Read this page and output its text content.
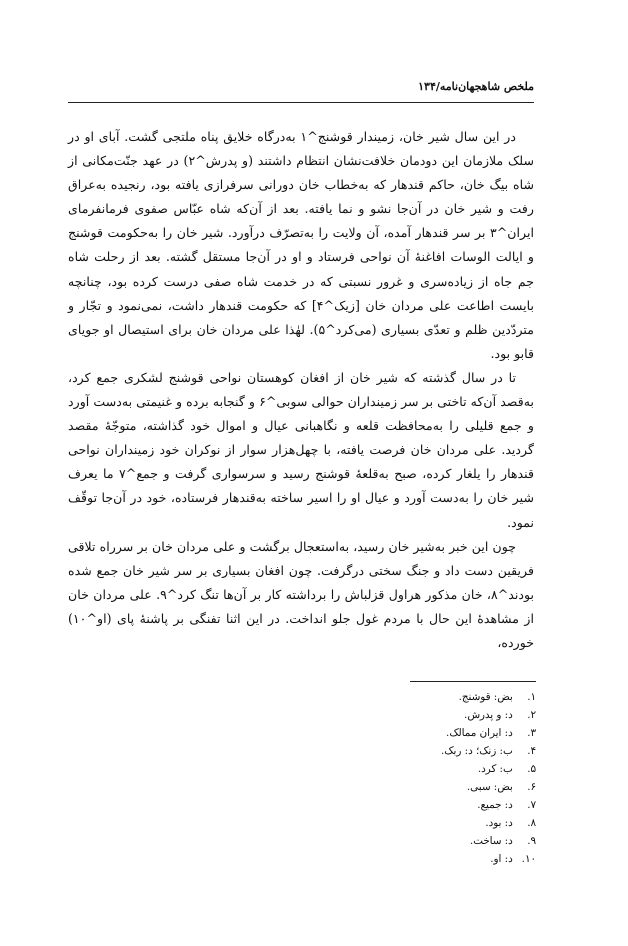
ملخص شاهجهان‌نامه/۱۳۴

در این سال شیر خان، زمیندار قوشنج^۱ به‌درگاه خلایق پناه ملتجی گشت. آبای او در سلک ملازمان این دودمان خلافت‌نشان انتظام داشتند (و پدرش^۲) در عهد جنّت‌مکانی از شاه بیگ خان، حاکم قندهار که به‌خطاب خان دورانی سرفرازی یافته بود، رنجیده به‌عراق رفت و شیر خان در آن‌جا نشو و نما یافته. بعد از آن‌که شاه عبّاس صفوی فرمانفرمای ایران^۳ بر سر قندهار آمده، آن ولایت را به‌تصرّف درآورد. شیر خان را به‌حکومت قوشنج و ایالت الوسات افاغنهٔ آن نواحی فرستاد و او در آن‌جا مستقل گشته. بعد از رحلت شاه جم جاه از زیاده‌سری و غرور نسبتی که در خدمت شاه صفی درست کرده بود، چنانچه بایست اطاعت علی مردان خان [زیک^۴] که حکومت قندهار داشت، نمی‌نمود و تجّار و متردّدین ظلم و تعدّی بسیاری (می‌کرد^۵). لهٰذا علی مردان خان برای استیصال او جویای قابو بود.

تا در سال گذشته که شیر خان از افغان کوهستان نواحی قوشنج لشکری جمع کرد، به‌قصد آن‌که تاختی بر سر زمینداران حوالی سوبی^۶ و گنجابه برده و غنیمتی به‌دست آورد و جمع قلیلی را به‌محافظت قلعه و نگاهبانی عیال و اموال خود گذاشته، متوجّهٔ مقصد گردید. علی مردان خان فرصت یافته، با چهل‌هزار سوار از نوکران خود زمینداران نواحی قندهار را یلغار کرده، صبح به‌قلعهٔ قوشنج رسید و سرسواری گرفت و جمع^۷ ما یعرف شیر خان را به‌دست آورد و عیال او را اسیر ساخته به‌قندهار فرستاده، خود در آن‌جا توقّف نمود.

چون این خبر به‌شیر خان رسید، به‌استعجال برگشت و علی مردان خان بر سرراه تلاقی فریقین دست داد و جنگ سختی درگرفت. چون افغان بسیاری بر سر شیر خان جمع شده بودند^۸، خان مذکور هراول قزلباش را برداشته کار بر آن‌ها تنگ کرد^۹. علی مردان خان از مشاهدهٔ این حال با مردم غول جلو انداخت. در این اثنا تفنگی بر پاشنهٔ پای (او^۱۰) خورده،

۱. بض: قوشنج.
۲. د: و پدرش.
۳. د: ایران ممالک.
۴. ب: زنک؛ د: ربک.
۵. ب: کرد.
۶. بض: سبی.
۷. د: جمیع.
۸. د: بود.
۹. د: ساخت.
۱۰. د: او.
